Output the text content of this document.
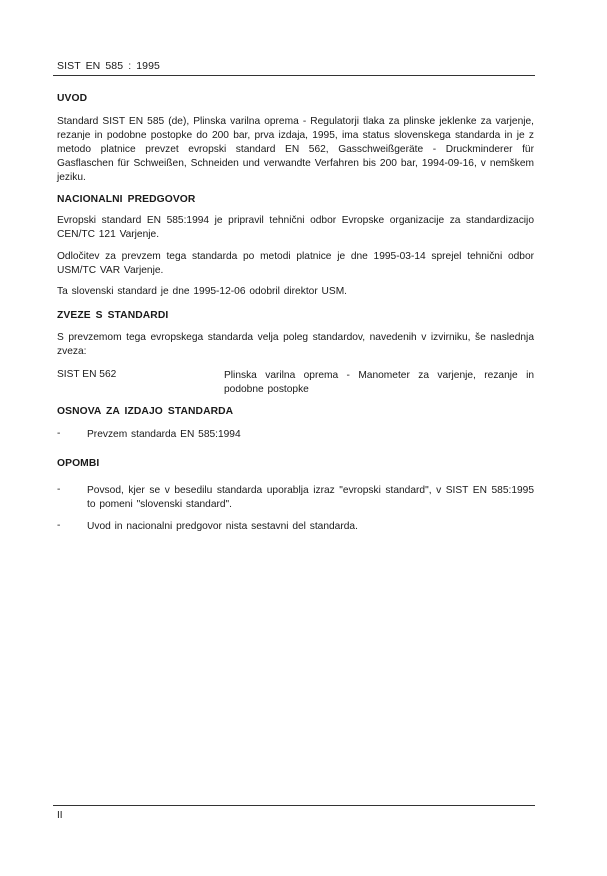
SIST EN 585 : 1995
UVOD
Standard SIST EN 585 (de), Plinska varilna oprema - Regulatorji tlaka za plinske jeklenke za varjenje, rezanje in podobne postopke do 200 bar, prva izdaja, 1995, ima status slovenskega standarda in je z metodo platnice prevzet evropski standard EN 562, Gasschweißgeräte - Druckminderer für Gasflaschen für Schweißen, Schneiden und verwandte Verfahren bis 200 bar, 1994-09-16, v nemškem jeziku.
NACIONALNI PREDGOVOR
Evropski standard EN 585:1994 je pripravil tehnični odbor Evropske organizacije za standardizacijo CEN/TC 121 Varjenje.
Odločitev za prevzem tega standarda po metodi platnice je dne 1995-03-14 sprejel tehnični odbor USM/TC VAR Varjenje.
Ta slovenski standard je dne 1995-12-06 odobril direktor USM.
ZVEZE S STANDARDI
S prevzemom tega evropskega standarda velja poleg standardov, navedenih v izvirniku, še naslednja zveza:
SIST EN 562	Plinska varilna oprema - Manometer za varjenje, rezanje in podobne postopke
OSNOVA ZA IZDAJO STANDARDA
-	Prevzem standarda EN 585:1994
OPOMBI
-	Povsod, kjer se v besedilu standarda uporablja izraz "evropski standard", v SIST EN 585:1995 to pomeni "slovenski standard".
-	Uvod in nacionalni predgovor nista sestavni del standarda.
II
